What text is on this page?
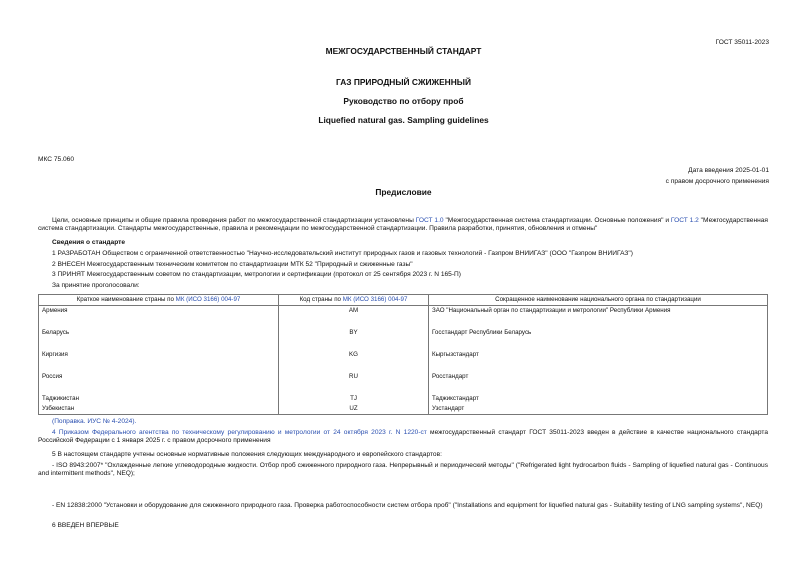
ГОСТ 35011-2023
МЕЖГОСУДАРСТВЕННЫЙ СТАНДАРТ
ГАЗ ПРИРОДНЫЙ СЖИЖЕННЫЙ
Руководство по отбору проб
Liquefied natural gas. Sampling guidelines
МКС 75.060
Дата введения 2025-01-01
с правом досрочного применения
Предисловие
Цели, основные принципы и общие правила проведения работ по межгосударственной стандартизации установлены ГОСТ 1.0 "Межгосударственная система стандартизации. Основные положения" и ГОСТ 1.2 "Межгосударственная система стандартизации. Стандарты межгосударственные, правила и рекомендации по межгосударственной стандартизации. Правила разработки, принятия, обновления и отмены"
Сведения о стандарте
1 РАЗРАБОТАН Обществом с ограниченной ответственностью "Научно-исследовательский институт природных газов и газовых технологий - Газпром ВНИИГАЗ" (ООО "Газпром ВНИИГАЗ")
2 ВНЕСЕН Межгосударственным техническим комитетом по стандартизации МТК 52 "Природный и сжиженные газы"
3 ПРИНЯТ Межгосударственным советом по стандартизации, метрологии и сертификации (протокол от 25 сентября 2023 г. N 165-П)
За принятие проголосовали:
Краткое наименование страны по МК (ИСО 3166) 004-97	Код страны по МК (ИСО 3166) 004-97	Сокращенное наименование национального органа по стандартизации
Армения	AM	ЗАО "Национальный орган по стандартизации и метрологии" Республики Армения
Беларусь	BY	Госстандарт Республики Беларусь
Киргизия	KG	Кыргызстандарт
Россия	RU	Росстандарт
Таджикистан	TJ	Таджикстандарт
Узбекистан	UZ	Узстандарт
(Поправка. ИУС № 4-2024).
4 Приказом Федерального агентства по техническому регулированию и метрологии от 24 октября 2023 г. N 1220-ст межгосударственный стандарт ГОСТ 35011-2023 введен в действие в качестве национального стандарта Российской Федерации с 1 января 2025 г. с правом досрочного применения
5 В настоящем стандарте учтены основные нормативные положения следующих международного и европейского стандартов:
- ISO 8943:2007* "Охлажденные легкие углеводородные жидкости. Отбор проб сжиженного природного газа. Непрерывный и периодический методы" ("Refrigerated light hydrocarbon fluids - Sampling of liquefied natural gas - Continuous and intermittent methods", NEQ);
- EN 12838:2000 "Установки и оборудование для сжиженного природного газа. Проверка работоспособности систем отбора проб" ("Installations and equipment for liquefied natural gas - Suitability testing of LNG sampling systems", NEQ)
6 ВВЕДЕН ВПЕРВЫЕ
